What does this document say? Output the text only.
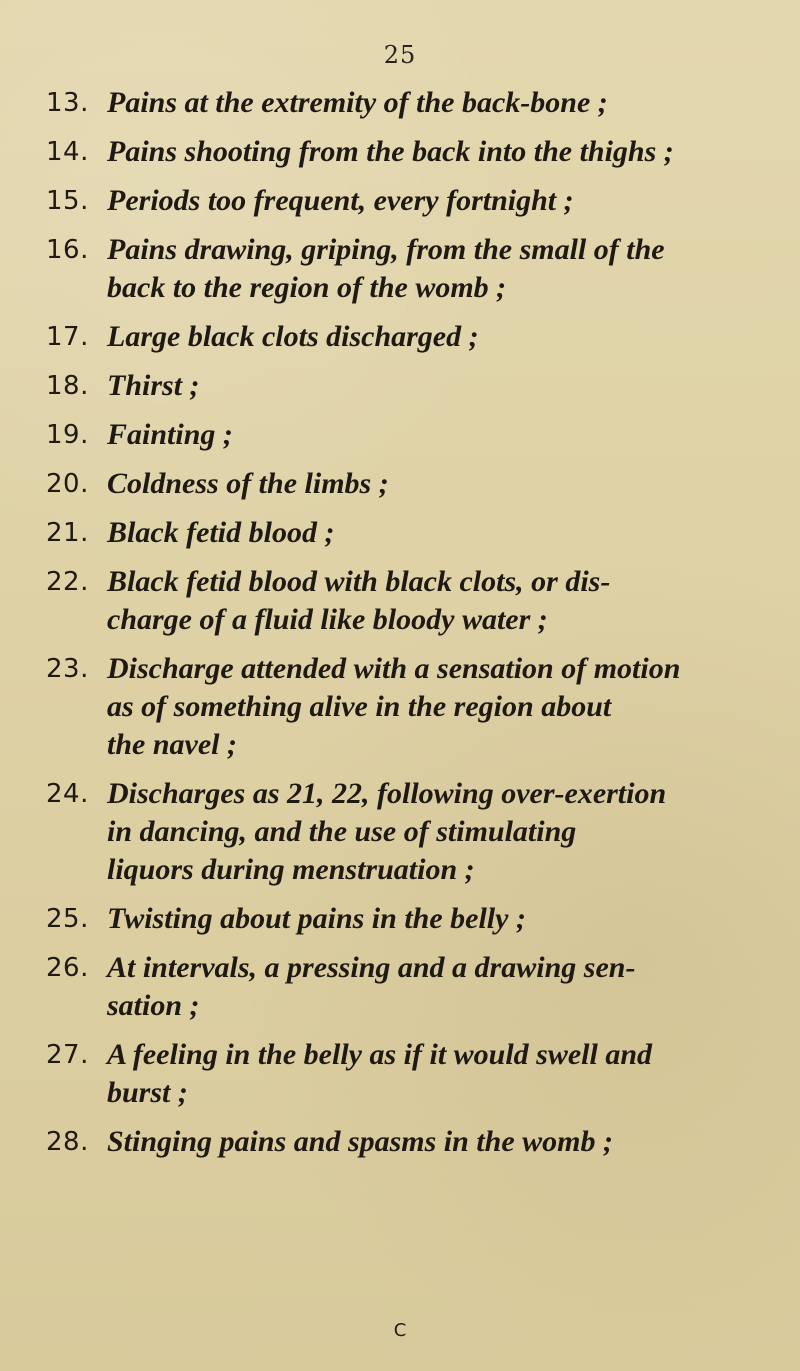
25
13. Pains at the extremity of the back-bone ;
14. Pains shooting from the back into the thighs ;
15. Periods too frequent, every fortnight ;
16. Pains drawing, griping, from the small of the
back to the region of the womb ;
17. Large black clots discharged ;
18. Thirst ;
19. Fainting ;
20. Coldness of the limbs ;
21. Black fetid blood ;
22. Black fetid blood with black clots, or dis-
charge of a fluid like bloody water ;
23. Discharge attended with a sensation of motion
as of something alive in the region about
the navel ;
24. Discharges as 21, 22, following over-exertion
in dancing, and the use of stimulating
liquors during menstruation ;
25. Twisting about pains in the belly ;
26. At intervals, a pressing and a drawing sen-
sation ;
27. A feeling in the belly as if it would swell and
burst ;
28. Stinging pains and spasms in the womb ;
C
